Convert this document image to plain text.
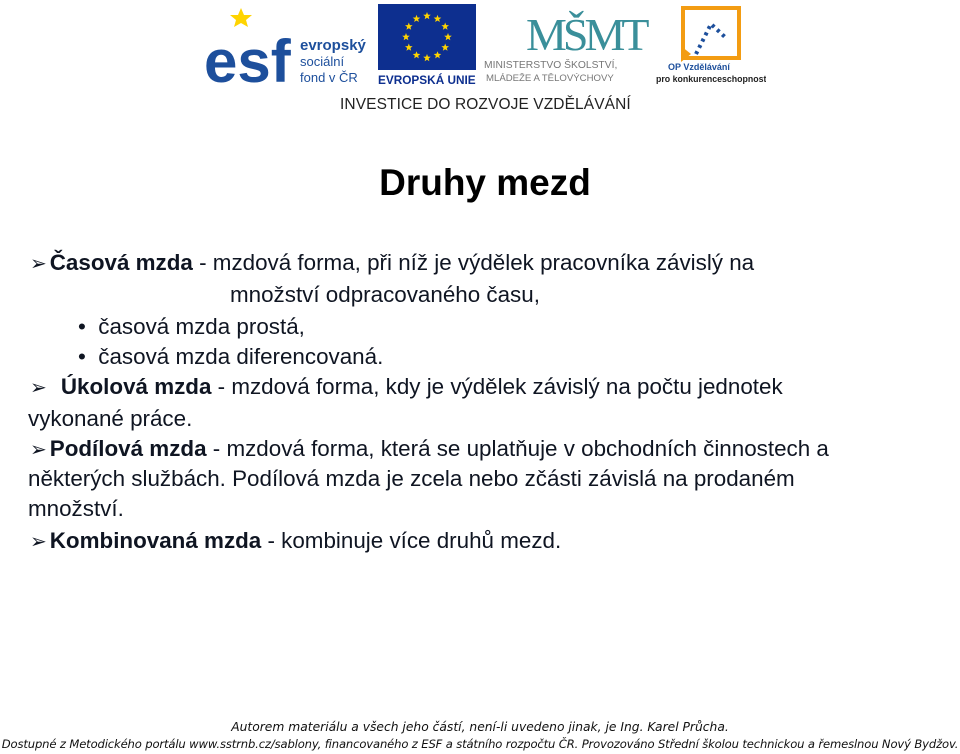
esf evropský
sociální
fond v ČR EVROPSKÁ UNIE
MŠMT
MINISTERSTVO ŠKOLSTVÍ,
MLÁDEŽE A TĚLOVÝCHOVY
OP Vzdělávání
pro konkurenceschopnost
INVESTICE DO ROZVOJE VZDĚLÁVÁNÍ
Druhy mezd
➢ Časová mzda - mzdová forma, při níž je výdělek pracovníka závislý na
množství odpracovaného času,
•  časová mzda prostá,
•  časová mzda diferencovaná.
➢  Úkolová mzda - mzdová forma, kdy je výdělek závislý na počtu jednotek
vykonané práce.
➢ Podílová mzda - mzdová forma, která se uplatňuje v obchodních činnostech a
některých službách. Podílová mzda je zcela nebo zčásti závislá na prodaném
množství.
➢ Kombinovaná mzda - kombinuje více druhů mezd.
Autorem materiálu a všech jeho částí, není-li uvedeno jinak, je Ing. Karel Průcha.
Dostupné z Metodického portálu www.sstrnb.cz/sablony, financovaného z ESF a státního rozpočtu ČR. Provozováno Střední školou technickou a řemeslnou Nový Bydžov.
